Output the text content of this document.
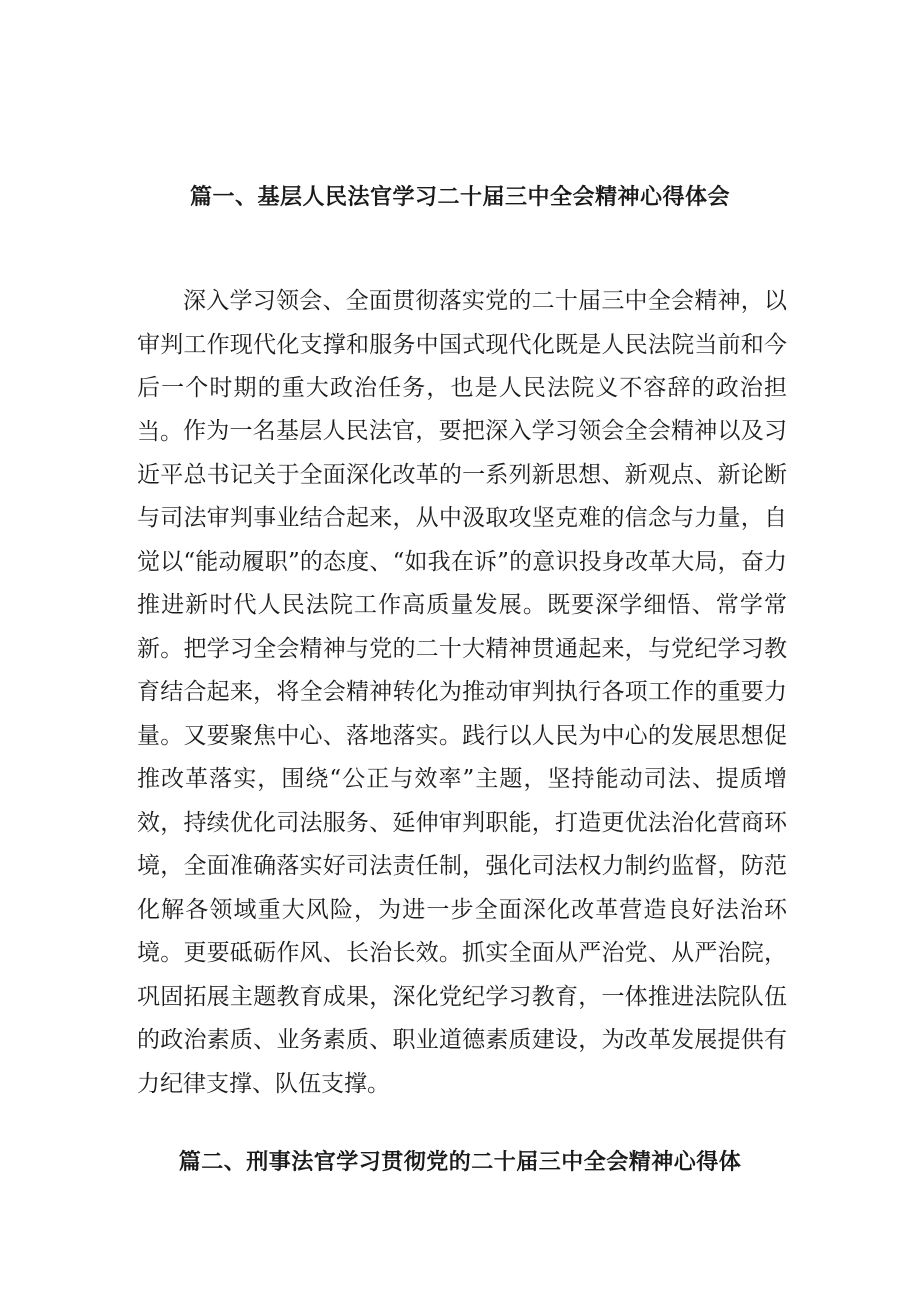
篇一、基层人民法官学习二十届三中全会精神心得体会

深入学习领会、全面贯彻落实党的二十届三中全会精神，以审判工作现代化支撑和服务中国式现代化既是人民法院当前和今后一个时期的重大政治任务，也是人民法院义不容辞的政治担当。 作为一名基层人民法官，要把深入学习领会全会精神以及习近平总书记关于全面深化改革的一系列新思想、新观点、新论断与司法审判事业结合起来，从中汲取攻坚克难的信念与力量，自觉以“能动履职”的态度、“如我在诉”的意识投身改革大局，奋力推进新时代人民法院工作高质量发展。既要深学细悟、常学常新。把学习全会精神与党的二十大精神贯通起来，与党纪学习教育结合起来，将全会精神转化为推动审判执行各项工作的重要力量。又要聚焦中心、落地落实。践行以人民为中心的发展思想促推改革落实，围绕“公正与效率”主题，坚持能动司法、提质增效，持续优化司法服务、延伸审判职能，打造更优法治化营商环境，全面准确落实好司法责任制，强化司法权力制约监督，防范化解各领域重大风险，为进一步全面深化改革营造良好法治环境。更要砥砺作风、长治长效。抓实全面从严治党、从严治院，巩固拓展主题教育成果，深化党纪学习教育，一体推进法院队伍的政治素质、业务素质、职业道德素质建设，为改革发展提供有力纪律支撑、队伍支撑。

篇二、刑事法官学习贯彻党的二十届三中全会精神心得体
